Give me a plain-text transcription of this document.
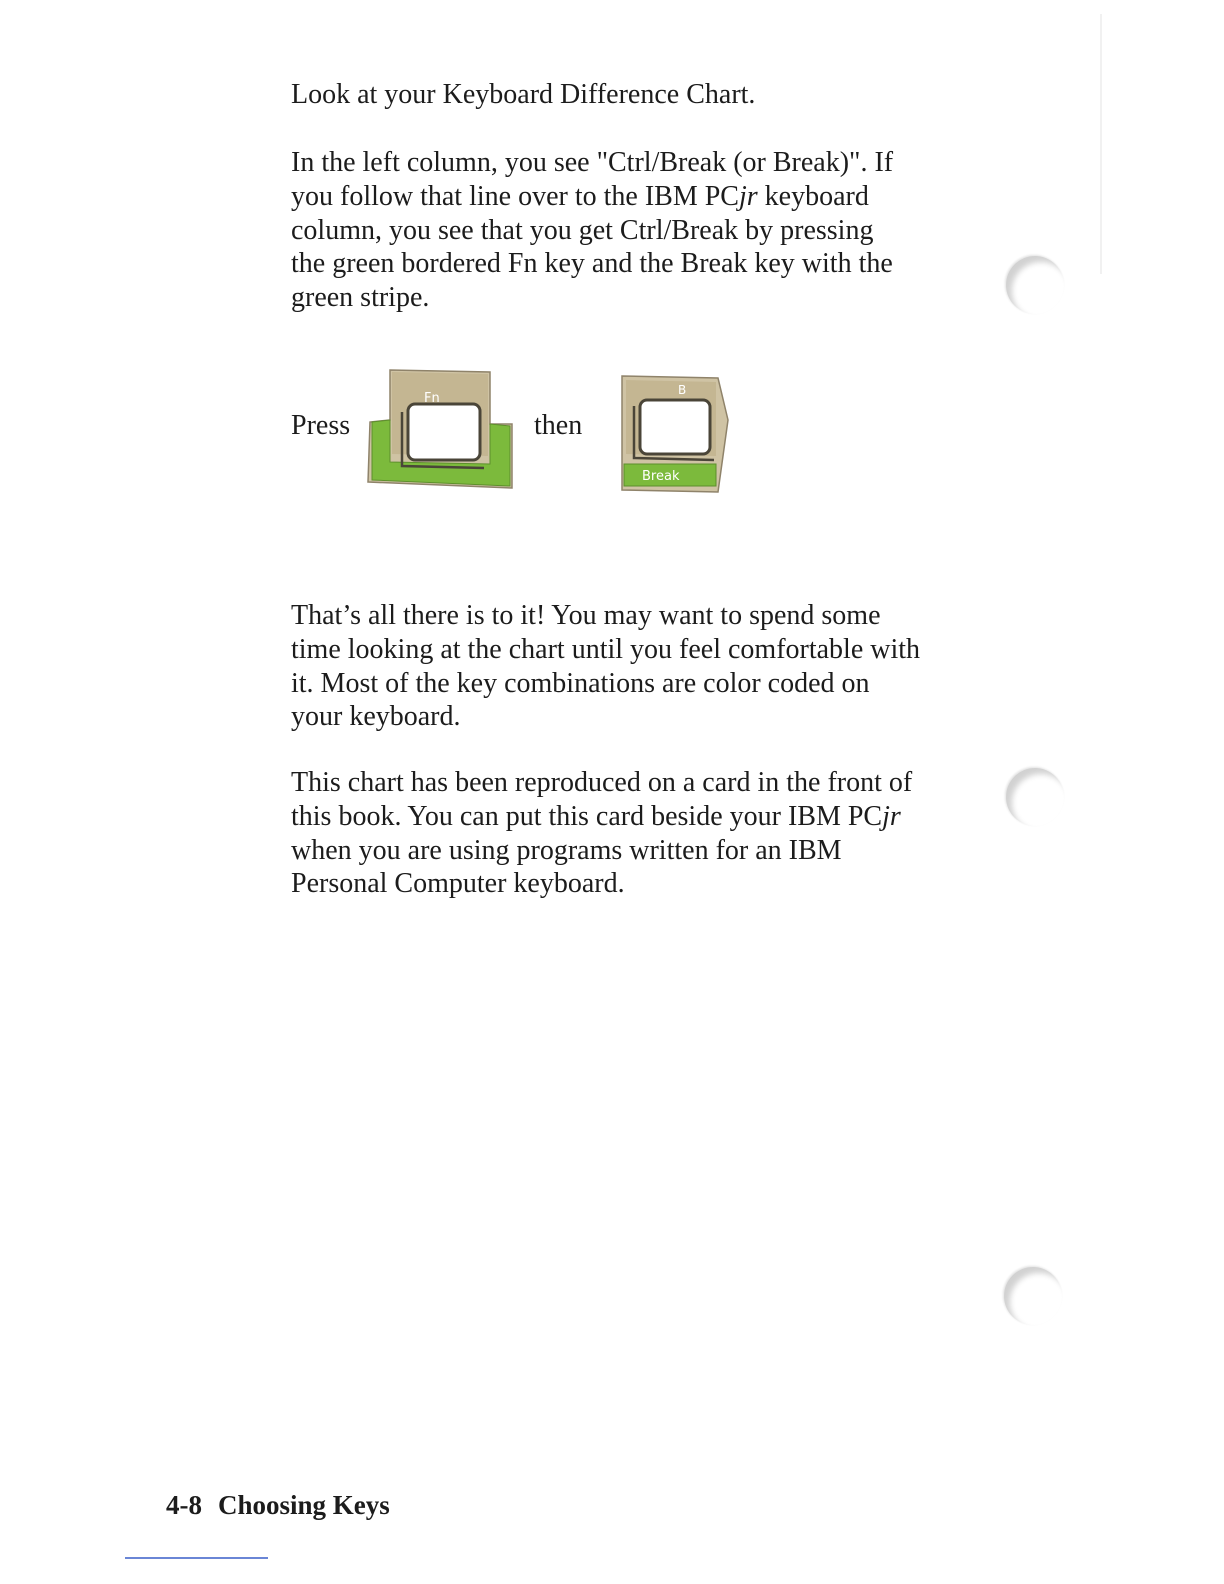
Look at your Keyboard Difference Chart.

In the left column, you see "Ctrl/Break (or Break)". If
you follow that line over to the IBM PCjr keyboard
column, you see that you get Ctrl/Break by pressing
the green bordered Fn key and the Break key with the
green stripe.

Press
Fn
then
B
Break

That’s all there is to it! You may want to spend some
time looking at the chart until you feel comfortable with
it. Most of the key combinations are color coded on
your keyboard.

This chart has been reproduced on a card in the front of
this book. You can put this card beside your IBM PCjr
when you are using programs written for an IBM
Personal Computer keyboard.

4-8 Choosing Keys
